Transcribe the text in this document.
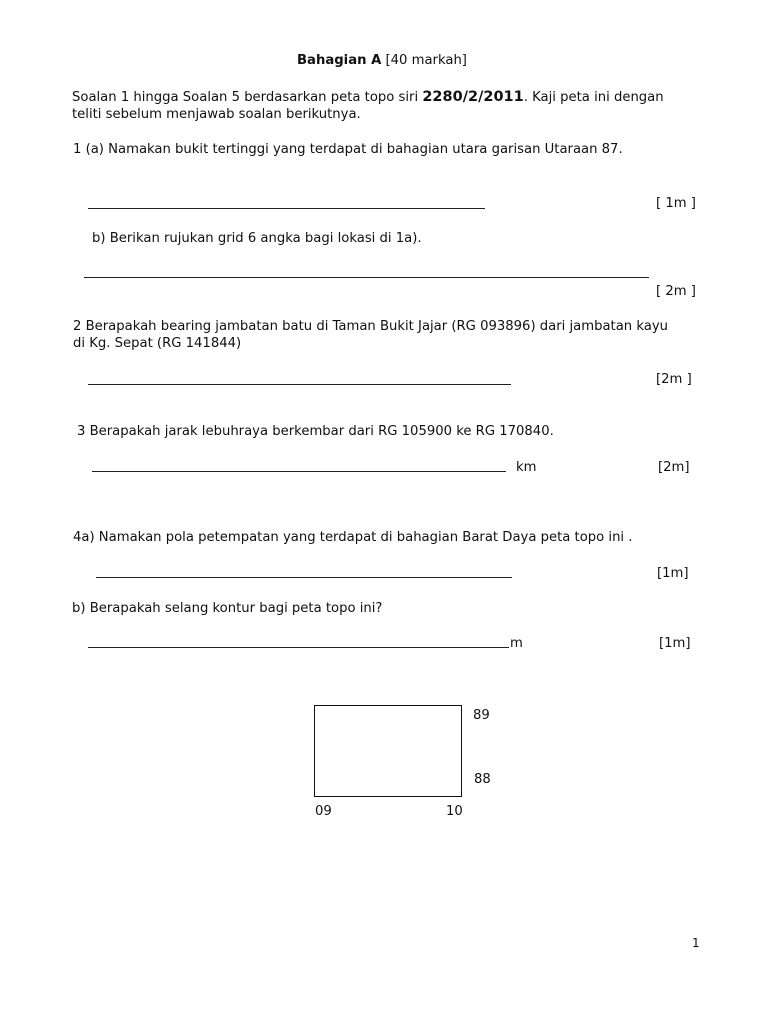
Bahagian A [40 markah]
Soalan 1 hingga Soalan 5 berdasarkan peta topo siri 2280/2/2011. Kaji peta ini dengan
teliti sebelum menjawab soalan berikutnya.
1 (a) Namakan bukit tertinggi yang terdapat di bahagian utara garisan Utaraan 87.
[ 1m ]
b) Berikan rujukan grid 6 angka bagi lokasi di 1a).
[ 2m ]
2 Berapakah bearing jambatan batu di Taman Bukit Jajar (RG 093896) dari jambatan kayu
di Kg. Sepat (RG 141844)
[2m ]
3 Berapakah jarak lebuhraya berkembar dari RG 105900 ke RG 170840.
km	[2m]
4a) Namakan pola petempatan yang terdapat di bahagian Barat Daya peta topo ini .
[1m]
b) Berapakah selang kontur bagi peta topo ini?
m	[1m]
89
88
09	10
1
